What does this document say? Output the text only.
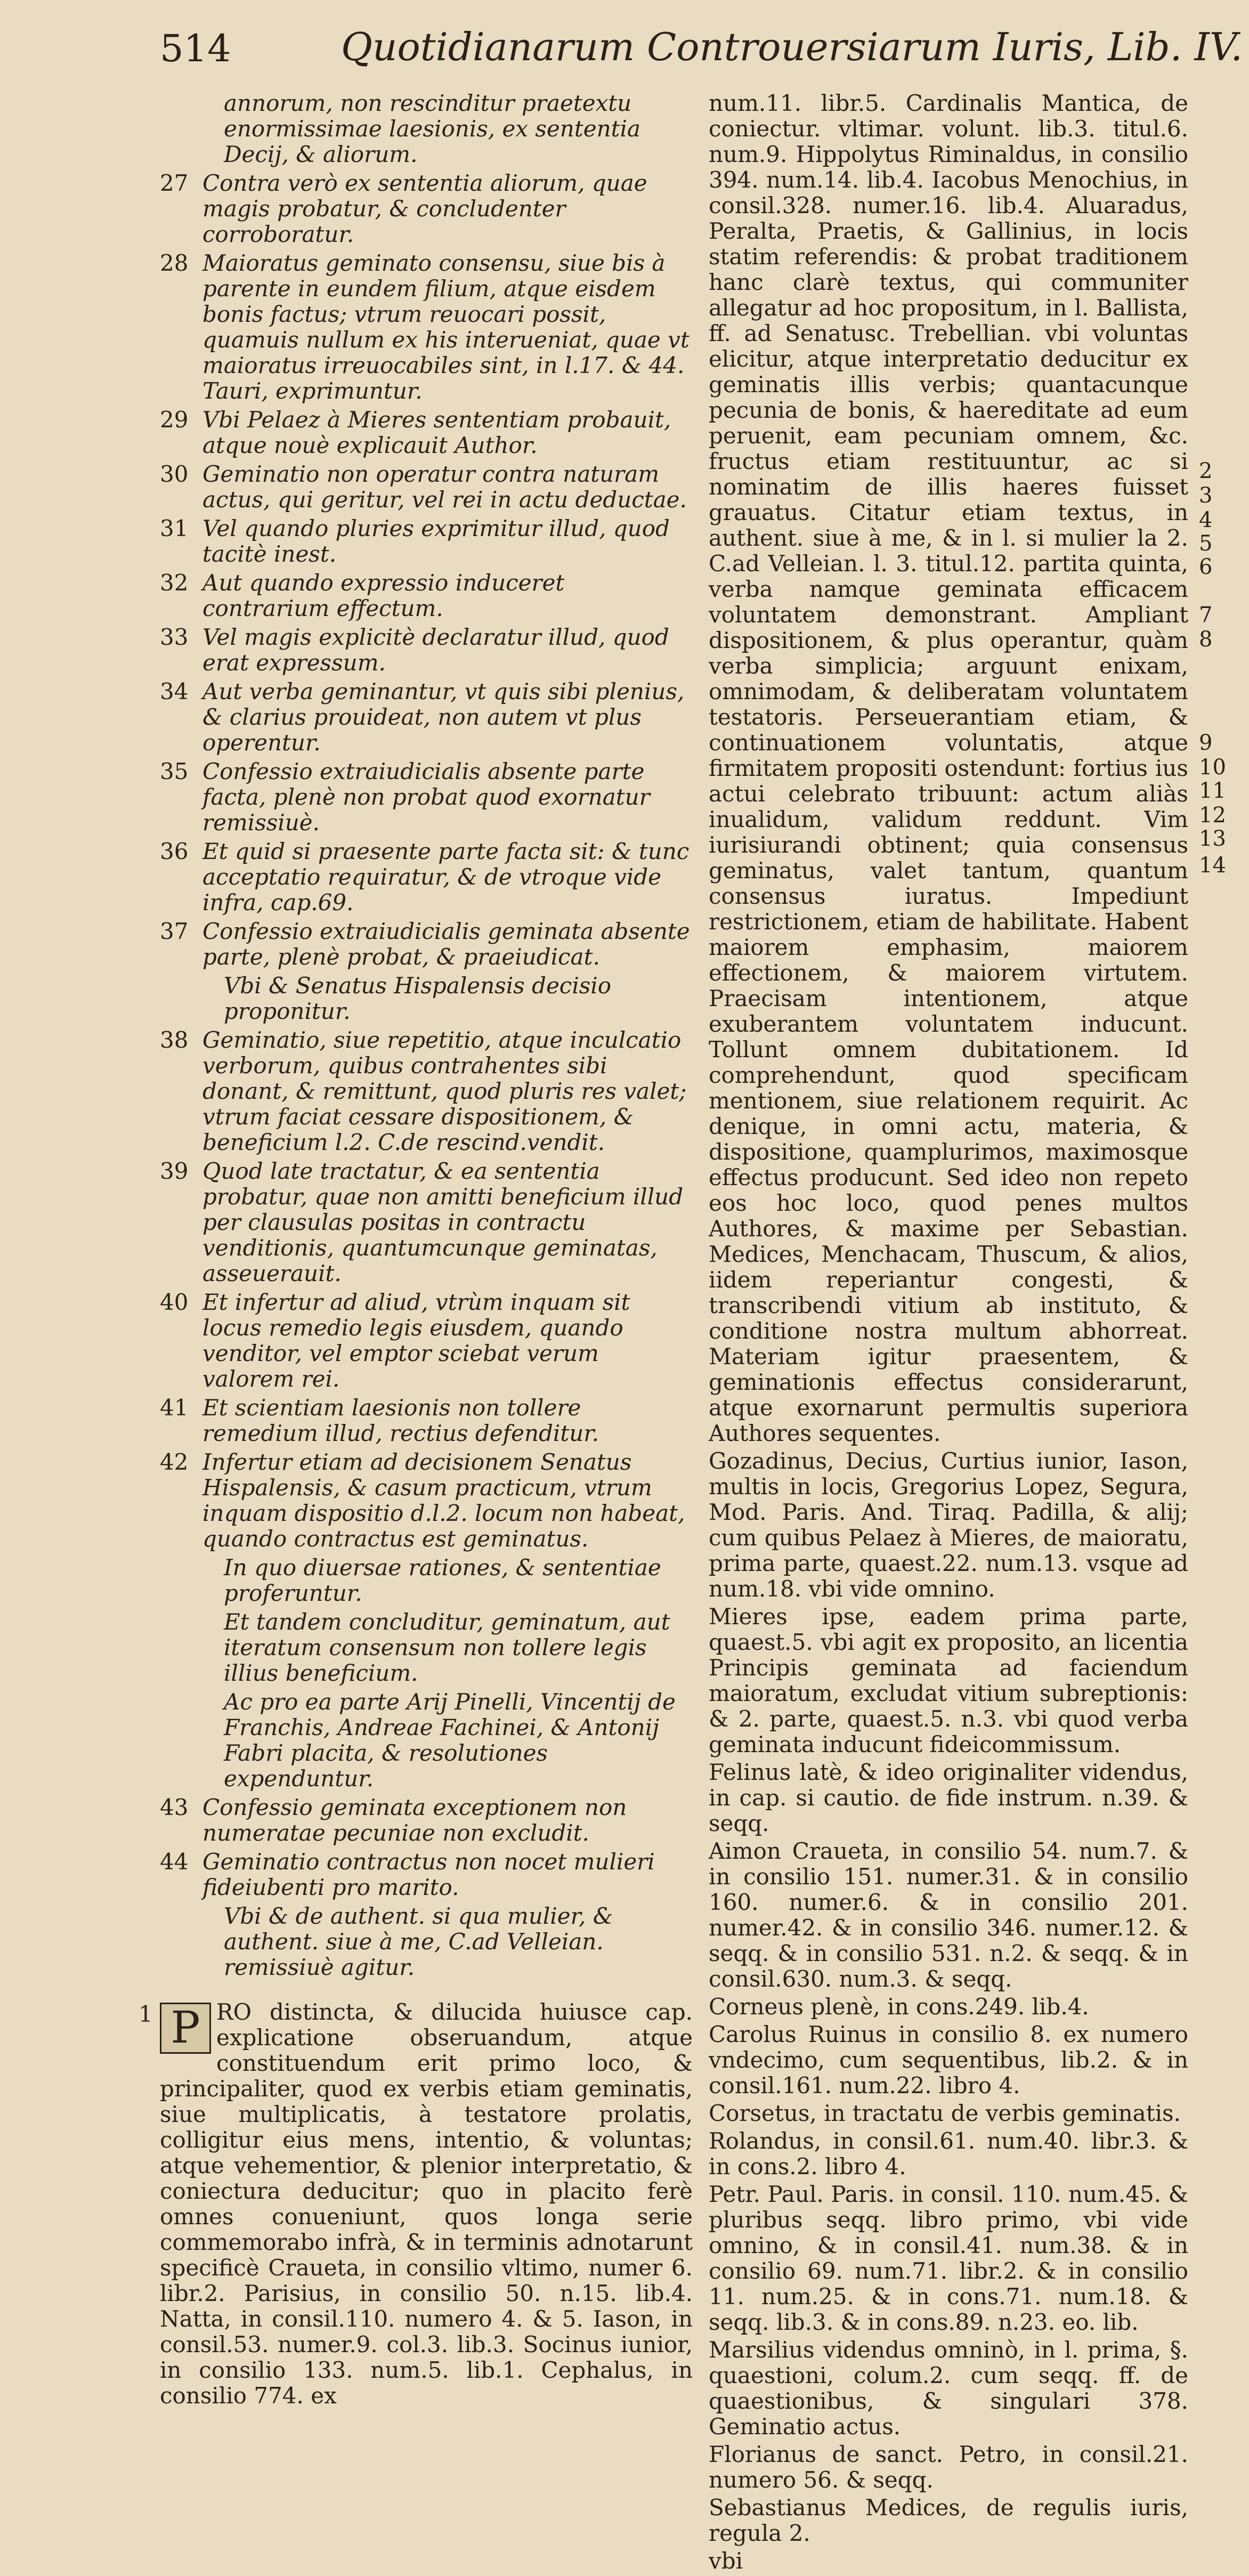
514	Quotidianarum Controuersiarum Iuris, Lib. IV.
annorum, non rescinditur praetextu enormissimae laesionis, ex sententia Decij, & aliorum.
27 Contra verò ex sententia aliorum, quae magis probatur, & concludenter corroboratur.
28 Maioratus geminato consensu, siue bis à parente in eundem filium, atque eisdem bonis factus; vtrum reuocari possit, quamuis nullum ex his interueniat, quae vt maioratus irreuocabiles sint, in l.17. & 44. Tauri, exprimuntur.
29 Vbi Pelaez à Mieres sententiam probauit, atque nouè explicauit Author.
30 Geminatio non operatur contra naturam actus, qui geritur, vel rei in actu deductae.
31 Vel quando pluries exprimitur illud, quod tacitè inest.
32 Aut quando expressio induceret contrarium effectum.
33 Vel magis explicitè declaratur illud, quod erat expressum.
34 Aut verba geminantur, vt quis sibi plenius, & clarius prouideat, non autem vt plus operentur.
35 Confessio extraiudicialis absente parte facta, plenè non probat quod exornatur remissiuè.
36 Et quid si praesente parte facta sit: & tunc acceptatio requiratur, & de vtroque vide infra, cap.69.
37 Confessio extraiudicialis geminata absente parte, plenè probat, & praeiudicat.
Vbi & Senatus Hispalensis decisio proponitur.
38 Geminatio, siue repetitio, atque inculcatio verborum, quibus contrahentes sibi donant, & remittunt, quod pluris res valet; vtrum faciat cessare dispositionem, & beneficium l.2. C.de rescind.vendit.
39 Quod late tractatur, & ea sententia probatur, quae non amitti beneficium illud per clausulas positas in contractu venditionis, quantumcunque geminatas, asseuerauit.
40 Et infertur ad aliud, vtrùm inquam sit locus remedio legis eiusdem, quando venditor, vel emptor sciebat verum valorem rei.
41 Et scientiam laesionis non tollere remedium illud, rectius defenditur.
42 Infertur etiam ad decisionem Senatus Hispalensis, & casum practicum, vtrum inquam dispositio d.l.2. locum non habeat, quando contractus est geminatus.
In quo diuersae rationes, & sententiae proferuntur.
Et tandem concluditur, geminatum, aut iteratum consensum non tollere legis illius beneficium.
Ac pro ea parte Arij Pinelli, Vincentij de Franchis, Andreae Fachinei, & Antonij Fabri placita, & resolutiones expenduntur.
43 Confessio geminata exceptionem non numeratae pecuniae non excludit.
44 Geminatio contractus non nocet mulieri fideiubenti pro marito.
Vbi & de authent. si qua mulier, & authent. siue à me, C.ad Velleian. remissiuè agitur.
1 P RO distincta, & dilucida huiusce cap. explicatione obseruandum, atque constituendum erit primo loco, & principaliter, quod ex verbis etiam geminatis, siue multiplicatis, à testatore prolatis, colligitur eius mens, intentio, & voluntas; atque vehementior, & plenior interpretatio, & coniectura deducitur; quo in placito ferè omnes conueniunt, quos longa serie commemorabo infrà, & in terminis adnotarunt specificè Craueta, in consilio vltimo, numer 6. libr.2. Parisius, in consilio 50. n.15. lib.4. Natta, in consil.110. numero 4. & 5. Iason, in consil.53. numer.9. col.3. lib.3. Socinus iunior, in consilio 133. num.5. lib.1. Cephalus, in consilio 774. ex

num.11. libr.5. Cardinalis Mantica, de coniectur. vltimar. volunt. lib.3. titul.6. num.9. Hippolytus Riminaldus, in consilio 394. num.14. lib.4. Iacobus Menochius, in consil.328. numer.16. lib.4. Aluaradus, Peralta, Praetis, & Gallinius, in locis statim referendis: & probat traditionem hanc clarè textus, qui communiter allegatur ad hoc propositum, in l. Ballista, ff. ad Senatusc. Trebellian. vbi voluntas elicitur, atque interpretatio deducitur ex geminatis illis verbis; quantacunque pecunia de bonis, & haereditate ad eum peruenit, eam pecuniam omnem, &c. fructus etiam restituuntur, ac si nominatim de illis haeres fuisset grauatus. Citatur etiam textus, in authent. siue à me, & in l. si mulier la 2. C.ad Velleian. l. 3. titul.12. partita quinta, verba namque geminata efficacem voluntatem demonstrant. Ampliant dispositionem, & plus operantur, quàm verba simplicia; arguunt enixam, omnimodam, & deliberatam voluntatem testatoris. Perseuerantiam etiam, & continuationem voluntatis, atque firmitatem propositi ostendunt: fortius ius actui celebrato tribuunt: actum aliàs inualidum, validum reddunt. Vim iurisiurandi obtinent; quia consensus geminatus, valet tantum, quantum consensus iuratus. Impediunt restrictionem, etiam de habilitate. Habent maiorem emphasim, maiorem effectionem, & maiorem virtutem. Praecisam intentionem, atque exuberantem voluntatem inducunt. Tollunt omnem dubitationem. Id comprehendunt, quod specificam mentionem, siue relationem requirit. Ac denique, in omni actu, materia, & dispositione, quamplurimos, maximosque effectus producunt. Sed ideo non repeto eos hoc loco, quod penes multos Authores, & maxime per Sebastian. Medices, Menchacam, Thuscum, & alios, iidem reperiantur congesti, & transcribendi vitium ab instituto, & conditione nostra multum abhorreat. Materiam igitur praesentem, & geminationis effectus considerarunt, atque exornarunt permultis superiora Authores sequentes.

Gozadinus, Decius, Curtius iunior, Iason, multis in locis, Gregorius Lopez, Segura, Mod. Paris. And. Tiraq. Padilla, & alij; cum quibus Pelaez à Mieres, de maioratu, prima parte, quaest.22. num.13. vsque ad num.18. vbi vide omnino.

Mieres ipse, eadem prima parte, quaest.5. vbi agit ex proposito, an licentia Principis geminata ad faciendum maioratum, excludat vitium subreptionis: & 2. parte, quaest.5. n.3. vbi quod verba geminata inducunt fideicommissum.

Felinus latè, & ideo originaliter videndus, in cap. si cautio. de fide instrum. n.39. & seqq.

Aimon Craueta, in consilio 54. num.7. & in consilio 151. numer.31. & in consilio 160. numer.6. & in consilio 201. numer.42. & in consilio 346. numer.12. & seqq. & in consilio 531. n.2. & seqq. & in consil.630. num.3. & seqq.

Corneus plenè, in cons.249. lib.4.

Carolus Ruinus in consilio 8. ex numero vndecimo, cum sequentibus, lib.2. & in consil.161. num.22. libro 4.

Corsetus, in tractatu de verbis geminatis.

Rolandus, in consil.61. num.40. libr.3. & in cons.2. libro 4.

Petr. Paul. Paris. in consil. 110. num.45. & pluribus seqq. libro primo, vbi vide omnino, & in consil.41. num.38. & in consilio 69. num.71. libr.2. & in consilio 11. num.25. & in cons.71. num.18. & seqq. lib.3. & in cons.89. n.23. eo. lib.

Marsilius videndus omninò, in l. prima, §. quaestioni, colum.2. cum seqq. ff. de quaestionibus, & singulari 378. Geminatio actus.

Florianus de sanct. Petro, in consil.21. numero 56. & seqq.

Sebastianus Medices, de regulis iuris, regula 2.

vbi

2
3
4
5
6
7
8
9
10
11
12
13
14
